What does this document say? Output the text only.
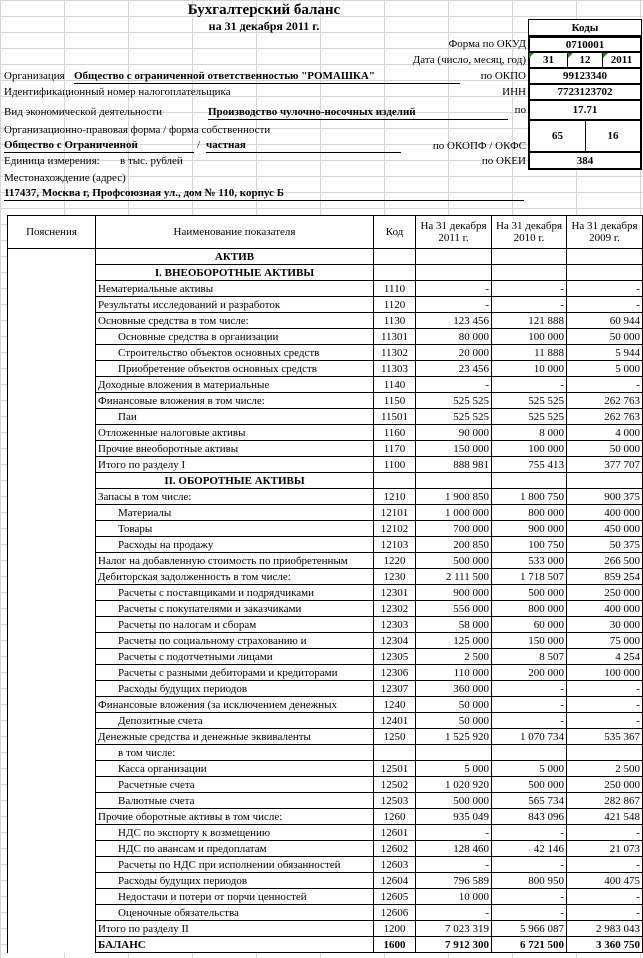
Бухгалтерский баланс
на 31 декабря 2011 г.	Коды
Форма по ОКУД	0710001
Дата (число, месяц, год) 31 12 2011
Организация Общество с ограниченной ответственностью "РОМАШКА"	по ОКПО	99123340
Идентификационный номер налогоплательщика	ИНН	7723123702
Вид экономической деятельности	Производство чулочно-носочных изделий	по	17.71
Организационно-правовая форма / форма собственности
Общество с Ограниченной	/ частная	по ОКОПФ / ОКФС
65	16
Единица измерения: в тыс. рублей	по ОКЕИ	384
Местонахождение (адрес)
117437, Москва г, Профсоюзная ул., дом № 110, корпус Б
Пояснения	Наименование показателя	Код	На 31 декабря 2011 г.	На 31 декабря 2010 г.	На 31 декабря 2009 г.
	АКТИВ				
	I. ВНЕОБОРОТНЫЕ АКТИВЫ				
	Нематериальные активы	1110	-	-	-
	Результаты исследований и разработок	1120	-	-	-
	Основные средства в том числе:	1130	123 456	121 888	60 944
	Основные средства в организации	11301	80 000	100 000	50 000
	Строительство объектов основных средств	11302	20 000	11 888	5 944
	Приобретение объектов основных средств	11303	23 456	10 000	5 000
	Доходные вложения в материальные	1140	-	-	-
	Финансовые вложения в том числе:	1150	525 525	525 525	262 763
	Паи	11501	525 525	525 525	262 763
	Отложенные налоговые активы	1160	90 000	8 000	4 000
	Прочие внеоборотные активы	1170	150 000	100 000	50 000
	Итого по разделу I	1100	888 981	755 413	377 707
	II. ОБОРОТНЫЕ АКТИВЫ				
	Запасы в том числе:	1210	1 900 850	1 800 750	900 375
	Материалы	12101	1 000 000	800 000	400 000
	Товары	12102	700 000	900 000	450 000
	Расходы на продажу	12103	200 850	100 750	50 375
	Налог на добавленную стоимость по приобретенным	1220	500 000	533 000	266 500
	Дебиторская задолженность в том числе:	1230	2 111 500	1 718 507	859 254
	Расчеты с поставщиками и подрядчиками	12301	900 000	500 000	250 000
	Расчеты с покупателями и заказчиками	12302	556 000	800 000	400 000
	Расчеты по налогам и сборам	12303	58 000	60 000	30 000
	Расчеты по социальному страхованию и	12304	125 000	150 000	75 000
	Расчеты с подотчетными лицами	12305	2 500	8 507	4 254
	Расчеты с разными дебиторами и кредиторами	12306	110 000	200 000	100 000
	Расходы будущих периодов	12307	360 000	-	-
	Финансовые вложения (за исключением денежных	1240	50 000	-	-
	Депозитные счета	12401	50 000	-	-
	Денежные средства и денежные эквиваленты	1250	1 525 920	1 070 734	535 367
	в том числе:				
	Касса организации	12501	5 000	5 000	2 500
	Расчетные счета	12502	1 020 920	500 000	250 000
	Валютные счета	12503	500 000	565 734	282 867
	Прочие оборотные активы в том числе:	1260	935 049	843 096	421 548
	НДС по экспорту к возмещению	12601	-	-	-
	НДС по авансам и предоплатам	12602	128 460	42 146	21 073
	Расчеты по НДС при исполнении обязанностей	12603	-	-	-
	Расходы будущих периодов	12604	796 589	800 950	400 475
	Недостачи и потери от порчи ценностей	12605	10 000	-	-
	Оценочные обязательства	12606	-	-	-
	Итого по разделу II	1200	7 023 319	5 966 087	2 983 043
	БАЛАНС	1600	7 912 300	6 721 500	3 360 750
